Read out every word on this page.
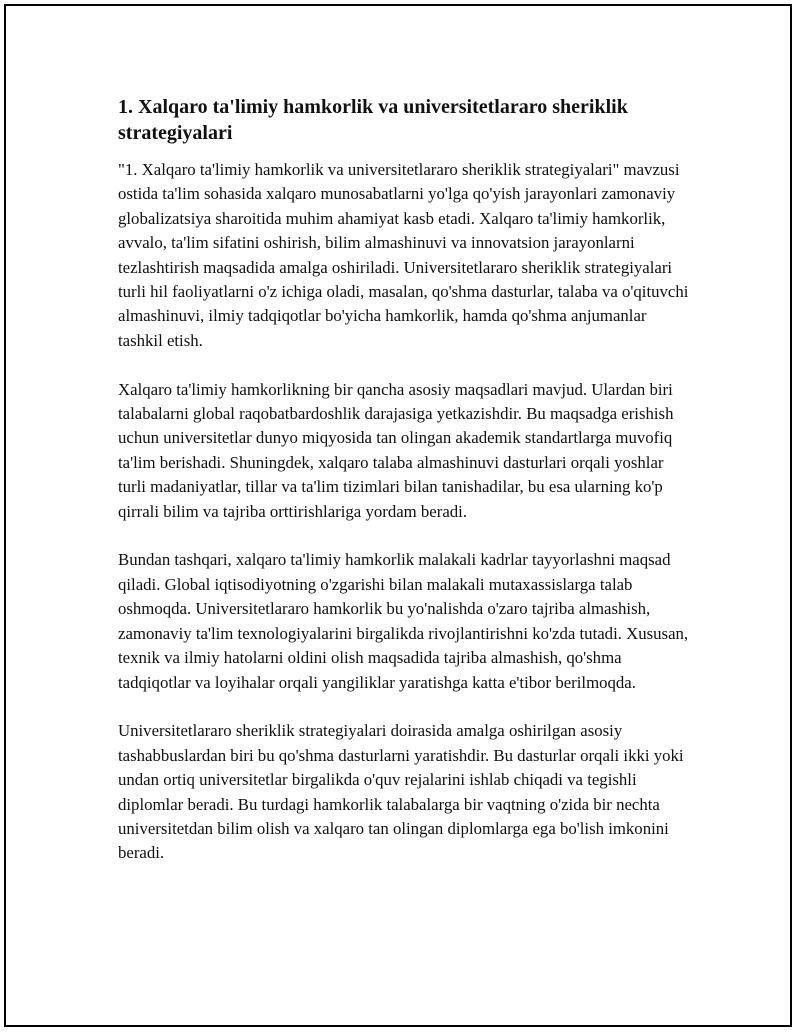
1. Xalqaro ta'limiy hamkorlik va universitetlararo sheriklik strategiyalari

"1. Xalqaro ta'limiy hamkorlik va universitetlararo sheriklik strategiyalari" mavzusi ostida ta'lim sohasida xalqaro munosabatlarni yo'lga qo'yish jarayonlari zamonaviy globalizatsiya sharoitida muhim ahamiyat kasb etadi. Xalqaro ta'limiy hamkorlik, avvalo, ta'lim sifatini oshirish, bilim almashinuvi va innovatsion jarayonlarni tezlashtirish maqsadida amalga oshiriladi. Universitetlararo sheriklik strategiyalari turli hil faoliyatlarni o'z ichiga oladi, masalan, qo'shma dasturlar, talaba va o'qituvchi almashinuvi, ilmiy tadqiqotlar bo'yicha hamkorlik, hamda qo'shma anjumanlar tashkil etish.

Xalqaro ta'limiy hamkorlikning bir qancha asosiy maqsadlari mavjud. Ulardan biri talabalarni global raqobatbardoshlik darajasiga yetkazishdir. Bu maqsadga erishish uchun universitetlar dunyo miqyosida tan olingan akademik standartlarga muvofiq ta'lim berishadi. Shuningdek, xalqaro talaba almashinuvi dasturlari orqali yoshlar turli madaniyatlar, tillar va ta'lim tizimlari bilan tanishadilar, bu esa ularning ko'p qirrali bilim va tajriba orttirishlariga yordam beradi.

Bundan tashqari, xalqaro ta'limiy hamkorlik malakali kadrlar tayyorlashni maqsad qiladi. Global iqtisodiyotning o'zgarishi bilan malakali mutaxassislarga talab oshmoqda. Universitetlararo hamkorlik bu yo'nalishda o'zaro tajriba almashish, zamonaviy ta'lim texnologiyalarini birgalikda rivojlantirishni ko'zda tutadi. Xususan, texnik va ilmiy hatolarni oldini olish maqsadida tajriba almashish, qo'shma tadqiqotlar va loyihalar orqali yangiliklar yaratishga katta e'tibor berilmoqda.

Universitetlararo sheriklik strategiyalari doirasida amalga oshirilgan asosiy tashabbuslardan biri bu qo'shma dasturlarni yaratishdir. Bu dasturlar orqali ikki yoki undan ortiq universitetlar birgalikda o'quv rejalarini ishlab chiqadi va tegishli diplomlar beradi. Bu turdagi hamkorlik talabalarga bir vaqtning o'zida bir nechta universitetdan bilim olish va xalqaro tan olingan diplomlarga ega bo'lish imkonini beradi.
